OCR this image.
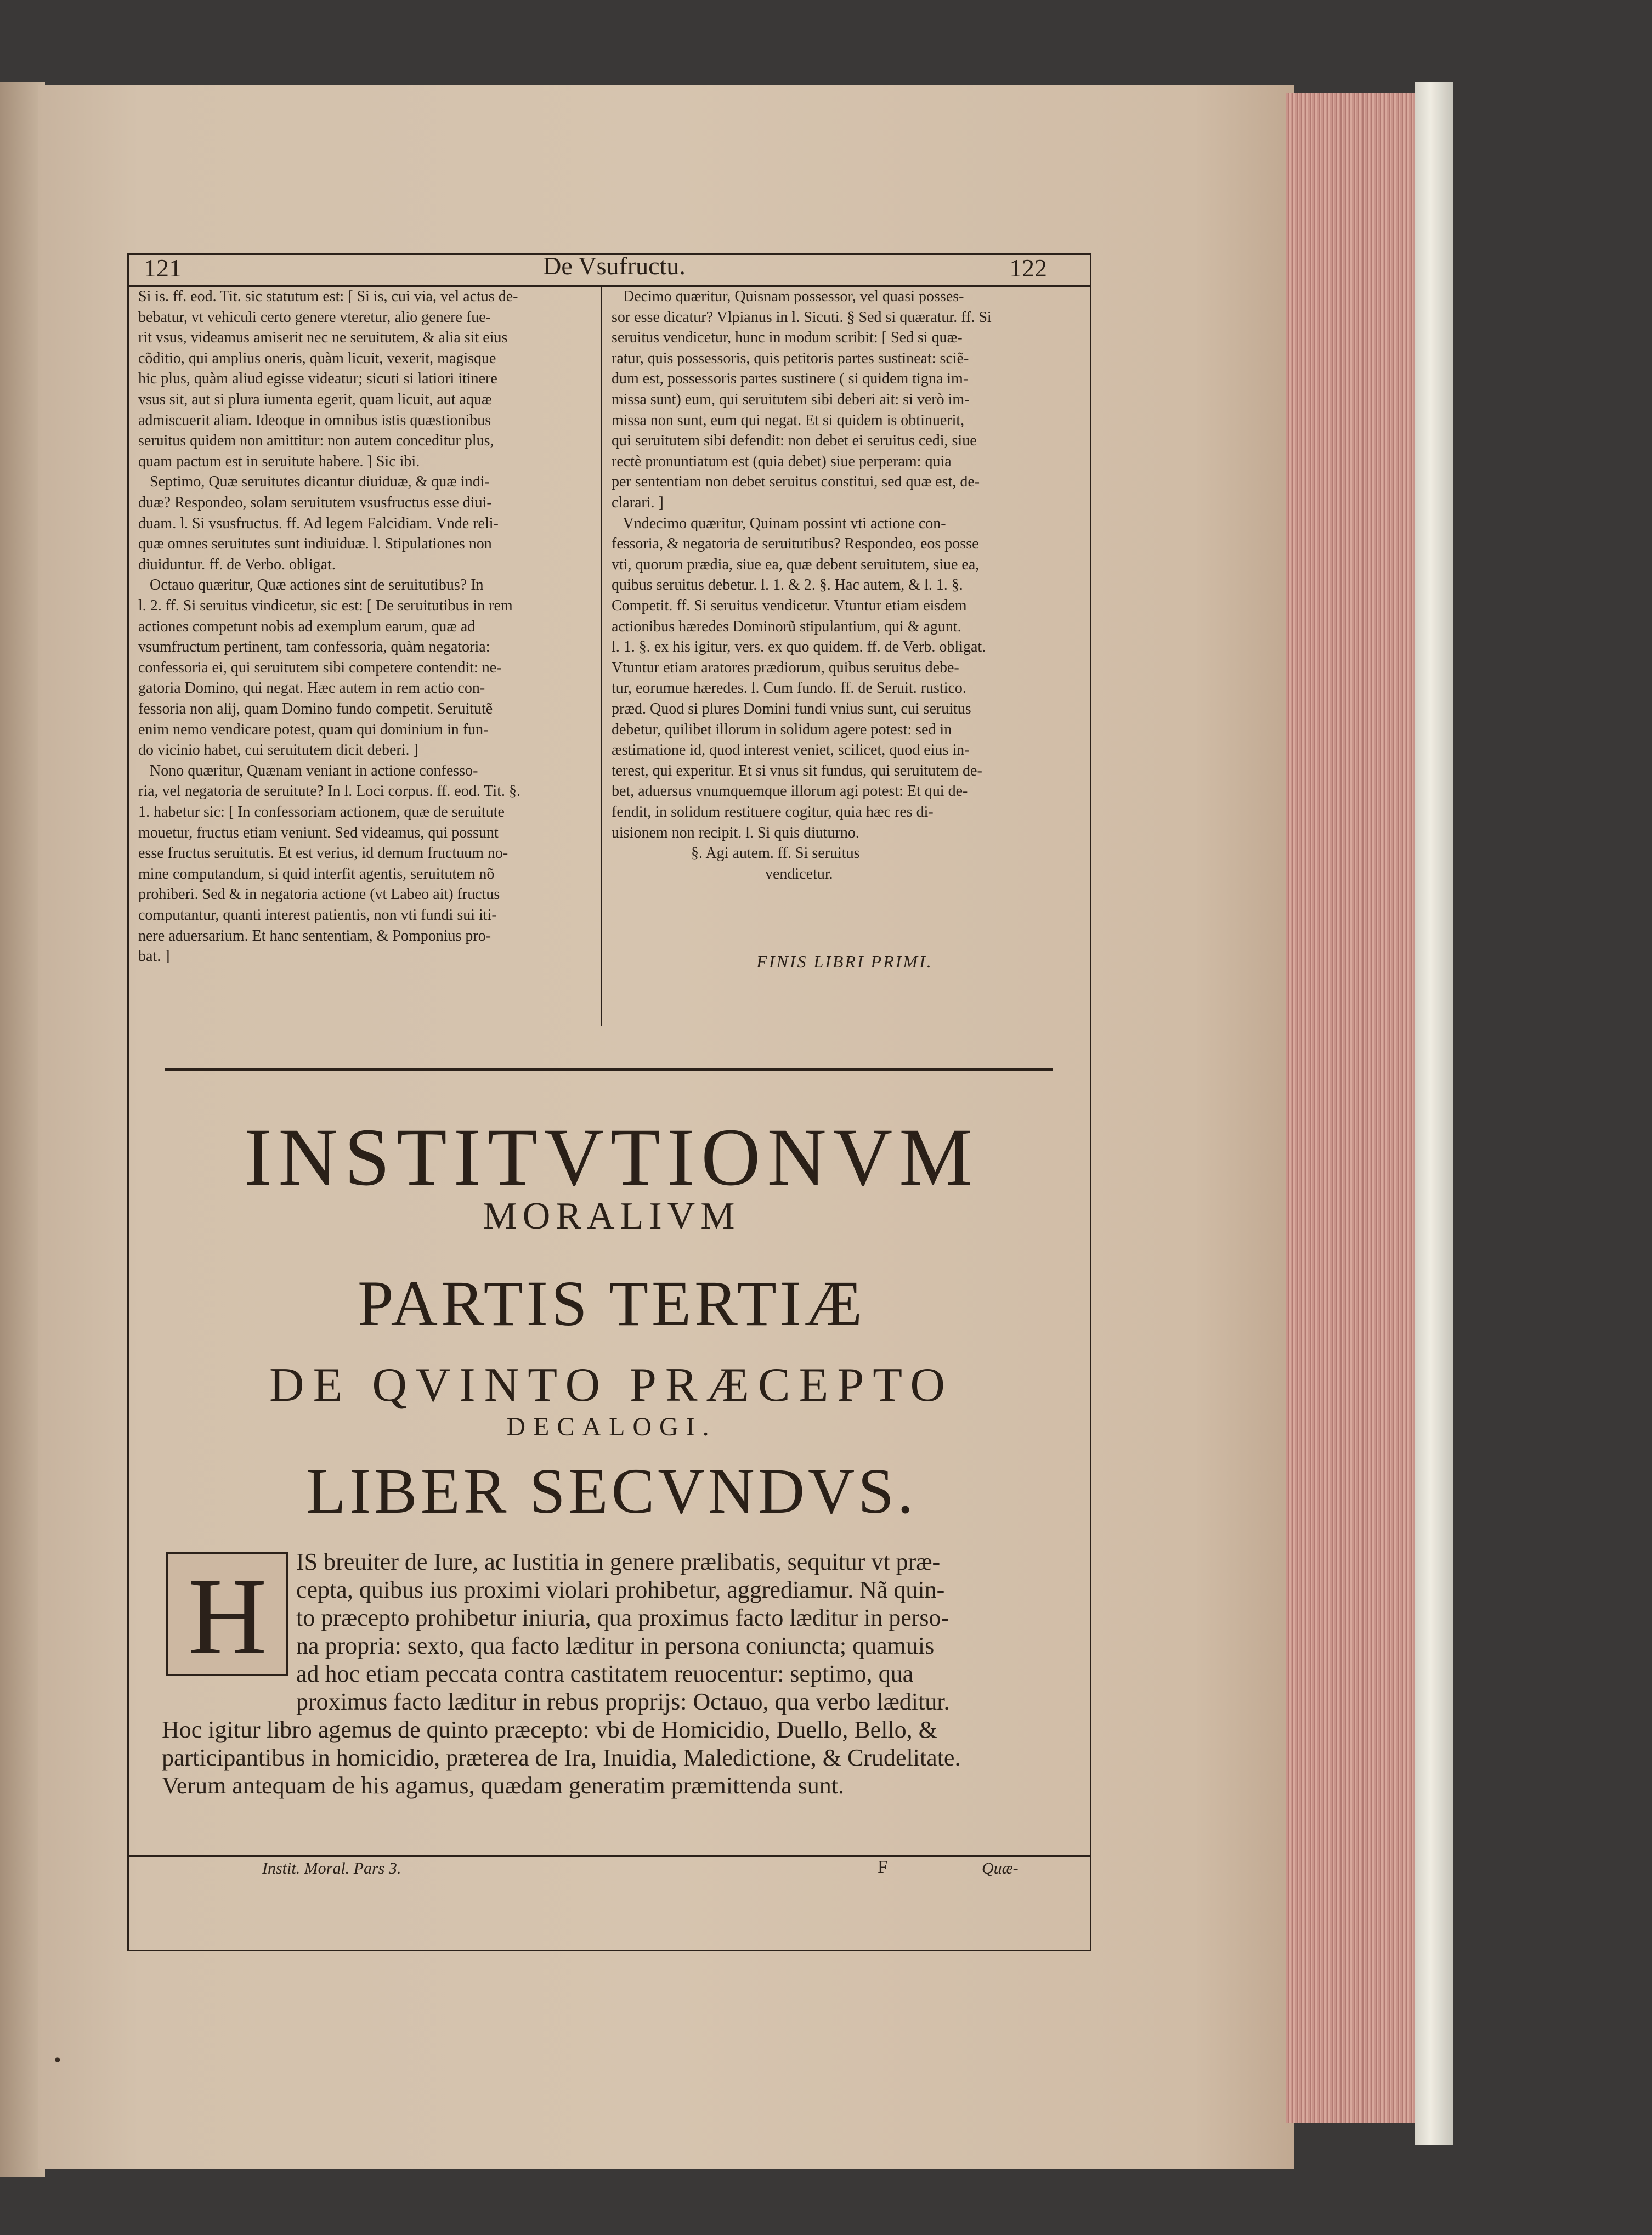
121	De Vsufructu.	122
Si is. ff. eod. Tit. sic statutum est: [ Si is, cui via, vel actus de-
bebatur, vt vehiculi certo genere vteretur, alio genere fue-
rit vsus, videamus amiserit nec ne seruitutem, & alia sit eius
cõditio, qui amplius oneris, quàm licuit, vexerit, magisque
hic plus, quàm aliud egisse videatur; sicuti si latiori itinere
vsus sit, aut si plura iumenta egerit, quam licuit, aut aquæ
admiscuerit aliam. Ideoque in omnibus istis quæstionibus
seruitus quidem non amittitur: non autem conceditur plus,
quam pactum est in seruitute habere. ] Sic ibi.
Septimo, Quæ seruitutes dicantur diuiduæ, & quæ indi-
duæ? Respondeo, solam seruitutem vsusfructus esse diui-
duam. l. Si vsusfructus. ff. Ad legem Falcidiam. Vnde reli-
quæ omnes seruitutes sunt indiuiduæ. l. Stipulationes non
diuiduntur. ff. de Verbo. obligat.
Octauo quæritur, Quæ actiones sint de seruitutibus? In
l. 2. ff. Si seruitus vindicetur, sic est: [ De seruitutibus in rem
actiones competunt nobis ad exemplum earum, quæ ad
vsumfructum pertinent, tam confessoria, quàm negatoria:
confessoria ei, qui seruitutem sibi competere contendit: ne-
gatoria Domino, qui negat. Hæc autem in rem actio con-
fessoria non alij, quam Domino fundo competit. Seruitutẽ
enim nemo vendicare potest, quam qui dominium in fun-
do vicinio habet, cui seruitutem dicit deberi. ]
Nono quæritur, Quænam veniant in actione confesso-
ria, vel negatoria de seruitute? In l. Loci corpus. ff. eod. Tit. §.
1. habetur sic: [ In confessoriam actionem, quæ de seruitute
mouetur, fructus etiam veniunt. Sed videamus, qui possunt
esse fructus seruitutis. Et est verius, id demum fructuum no-
mine computandum, si quid interfit agentis, seruitutem nõ
prohiberi. Sed & in negatoria actione (vt Labeo ait) fructus
computantur, quanti interest patientis, non vti fundi sui iti-
nere aduersarium. Et hanc sententiam, & Pomponius pro-
bat. ]
Decimo quæritur, Quisnam possessor, vel quasi posses-
sor esse dicatur? Vlpianus in l. Sicuti. § Sed si quæratur. ff. Si
seruitus vendicetur, hunc in modum scribit: [ Sed si quæ-
ratur, quis possessoris, quis petitoris partes sustineat: sciẽ-
dum est, possessoris partes sustinere ( si quidem tigna im-
missa sunt) eum, qui seruitutem sibi deberi ait: si verò im-
missa non sunt, eum qui negat. Et si quidem is obtinuerit,
qui seruitutem sibi defendit: non debet ei seruitus cedi, siue
rectè pronuntiatum est (quia debet) siue perperam: quia
per sententiam non debet seruitus constitui, sed quæ est, de-
clarari. ]
Vndecimo quæritur, Quinam possint vti actione con-
fessoria, & negatoria de seruitutibus? Respondeo, eos posse
vti, quorum prædia, siue ea, quæ debent seruitutem, siue ea,
quibus seruitus debetur. l. 1. & 2. §. Hac autem, & l. 1. §.
Competit. ff. Si seruitus vendicetur. Vtuntur etiam eisdem
actionibus hæredes Dominorũ stipulantium, qui & agunt.
l. 1. §. ex his igitur, vers. ex quo quidem. ff. de Verb. obligat.
Vtuntur etiam aratores prædiorum, quibus seruitus debe-
tur, eorumue hæredes. l. Cum fundo. ff. de Seruit. rustico.
præd. Quod si plures Domini fundi vnius sunt, cui seruitus
debetur, quilibet illorum in solidum agere potest: sed in
æstimatione id, quod interest veniet, scilicet, quod eius in-
terest, qui experitur. Et si vnus sit fundus, qui seruitutem de-
bet, aduersus vnumquemque illorum agi potest: Et qui de-
fendit, in solidum restituere cogitur, quia hæc res di-
uisionem non recipit. l. Si quis diuturno.
§. Agi autem. ff. Si seruitus
vendicetur.
FINIS LIBRI PRIMI.
INSTITVTIONVM
MORALIVM
PARTIS TERTIÆ
DE QVINTO PRÆCEPTO
DECALOGI.
LIBER SECVNDVS.
H	IS breuiter de Iure, ac Iustitia in genere prælibatis, sequitur vt præ-
cepta, quibus ius proximi violari prohibetur, aggrediamur. Nã quin-
to præcepto prohibetur iniuria, qua proximus facto læditur in perso-
na propria: sexto, qua facto læditur in persona coniuncta; quamuis
ad hoc etiam peccata contra castitatem reuocentur: septimo, qua
proximus facto læditur in rebus proprijs: Octauo, qua verbo læditur.
Hoc igitur libro agemus de quinto præcepto: vbi de Homicidio, Duello, Bello, &
participantibus in homicidio, præterea de Ira, Inuidia, Maledictione, & Crudelitate.
Verum antequam de his agamus, quædam generatim præmittenda sunt.
Instit. Moral. Pars 3.	F	Quæ-
•
